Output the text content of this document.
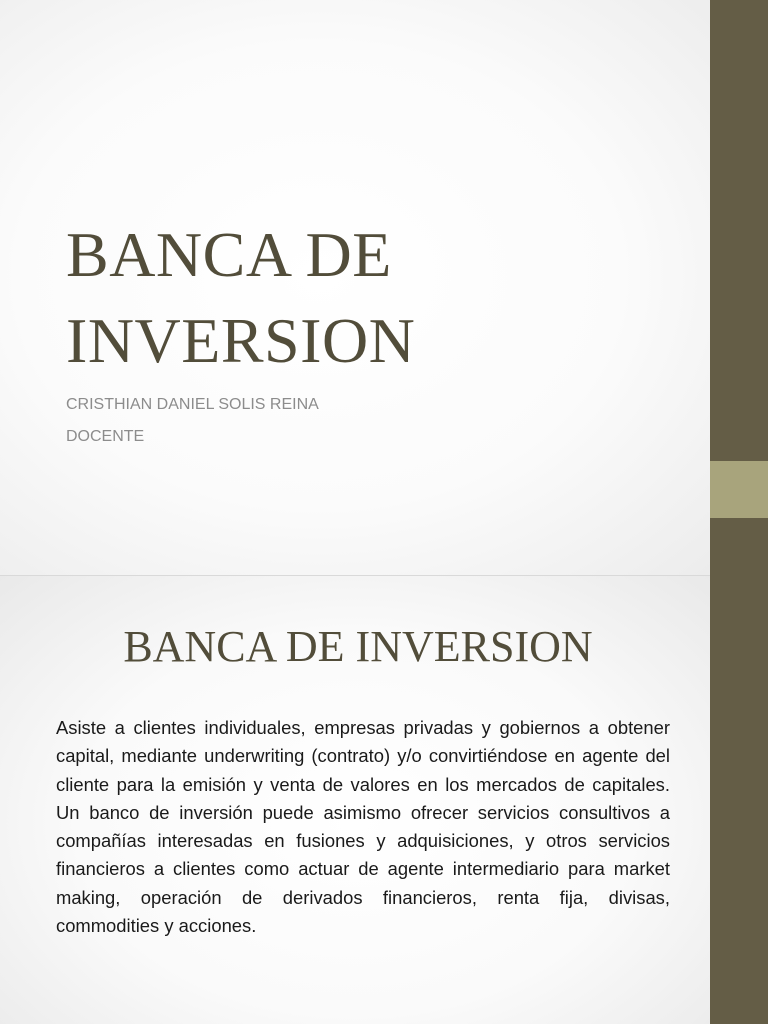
BANCA DE
INVERSION
CRISTHIAN DANIEL SOLIS REINA
DOCENTE
BANCA DE INVERSION

Asiste a clientes individuales, empresas privadas y gobiernos a obtener capital, mediante underwriting (contrato) y/o convirtiéndose en agente del cliente para la emisión y venta de valores en los mercados de capitales. Un banco de inversión puede asimismo ofrecer servicios consultivos a compañías interesadas en fusiones y adquisiciones, y otros servicios financieros a clientes como actuar de agente intermediario para market making, operación de derivados financieros, renta fija, divisas, commodities y acciones.
